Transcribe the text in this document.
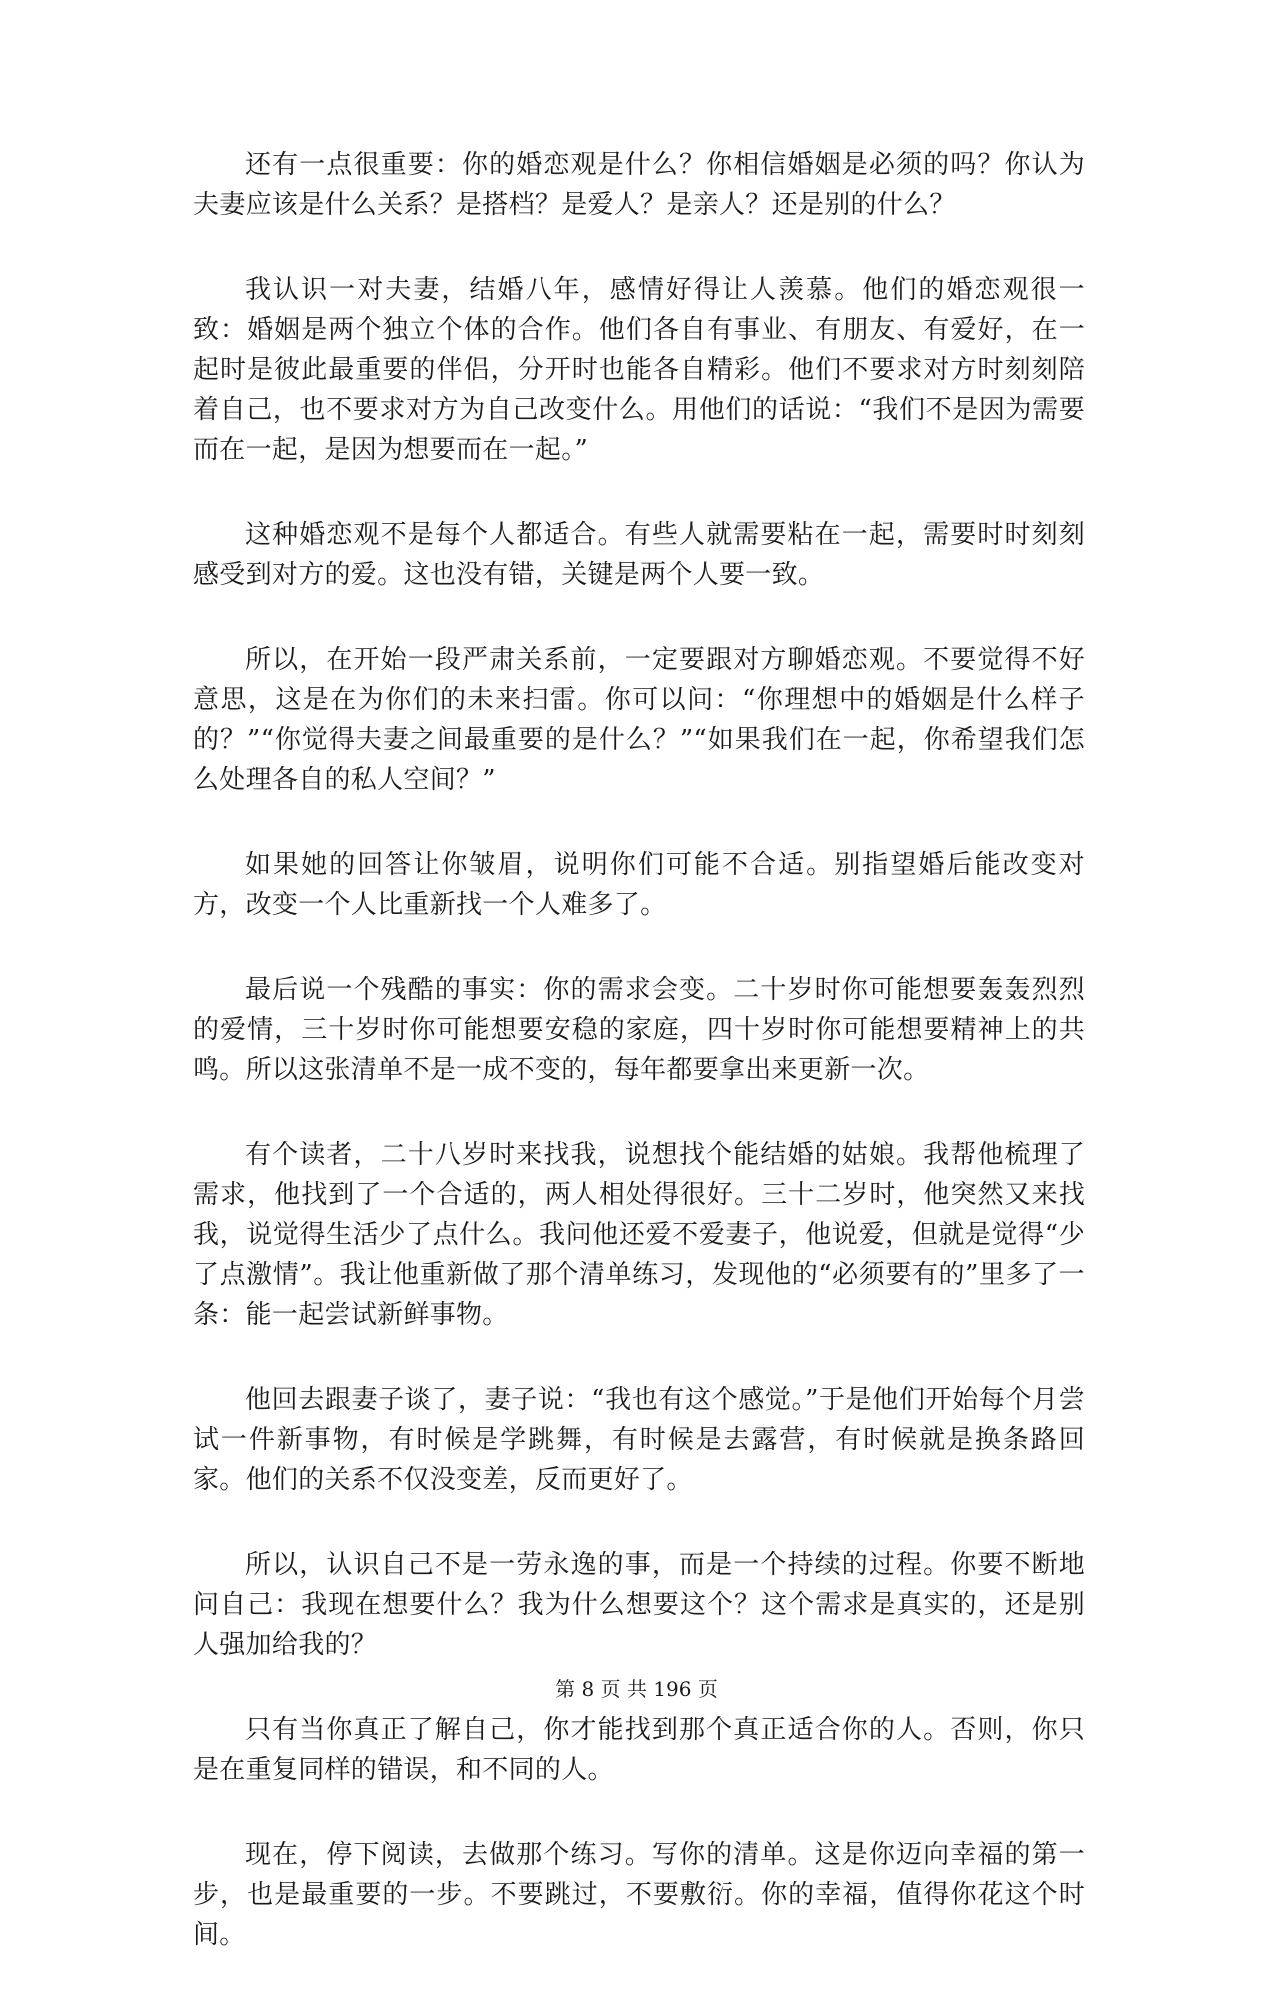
还有一点很重要：你的婚恋观是什么？你相信婚姻是必须的吗？你认为夫妻应该是什么关系？是搭档？是爱人？是亲人？还是别的什么？

我认识一对夫妻，结婚八年，感情好得让人羡慕。他们的婚恋观很一致：婚姻是两个独立个体的合作。他们各自有事业、有朋友、有爱好，在一起时是彼此最重要的伴侣，分开时也能各自精彩。他们不要求对方时刻刻陪着自己，也不要求对方为自己改变什么。用他们的话说：“我们不是因为需要而在一起，是因为想要而在一起。”

这种婚恋观不是每个人都适合。有些人就需要粘在一起，需要时时刻刻感受到对方的爱。这也没有错，关键是两个人要一致。

所以，在开始一段严肃关系前，一定要跟对方聊婚恋观。不要觉得不好意思，这是在为你们的未来扫雷。你可以问：“你理想中的婚姻是什么样子的？”“你觉得夫妻之间最重要的是什么？”“如果我们在一起，你希望我们怎么处理各自的私人空间？”

如果她的回答让你皱眉，说明你们可能不合适。别指望婚后能改变对方，改变一个人比重新找一个人难多了。

最后说一个残酷的事实：你的需求会变。二十岁时你可能想要轰轰烈烈的爱情，三十岁时你可能想要安稳的家庭，四十岁时你可能想要精神上的共鸣。所以这张清单不是一成不变的，每年都要拿出来更新一次。

有个读者，二十八岁时来找我，说想找个能结婚的姑娘。我帮他梳理了需求，他找到了一个合适的，两人相处得很好。三十二岁时，他突然又来找我，说觉得生活少了点什么。我问他还爱不爱妻子，他说爱，但就是觉得“少了点激情”。我让他重新做了那个清单练习，发现他的“必须要有的”里多了一条：能一起尝试新鲜事物。

他回去跟妻子谈了，妻子说：“我也有这个感觉。”于是他们开始每个月尝试一件新事物，有时候是学跳舞，有时候是去露营，有时候就是换条路回家。他们的关系不仅没变差，反而更好了。

所以，认识自己不是一劳永逸的事，而是一个持续的过程。你要不断地问自己：我现在想要什么？我为什么想要这个？这个需求是真实的，还是别人强加给我的？

只有当你真正了解自己，你才能找到那个真正适合你的人。否则，你只是在重复同样的错误，和不同的人。

现在，停下阅读，去做那个练习。写你的清单。这是你迈向幸福的第一步，也是最重要的一步。不要跳过，不要敷衍。你的幸福，值得你花这个时间。

第 8 页 共 196 页
